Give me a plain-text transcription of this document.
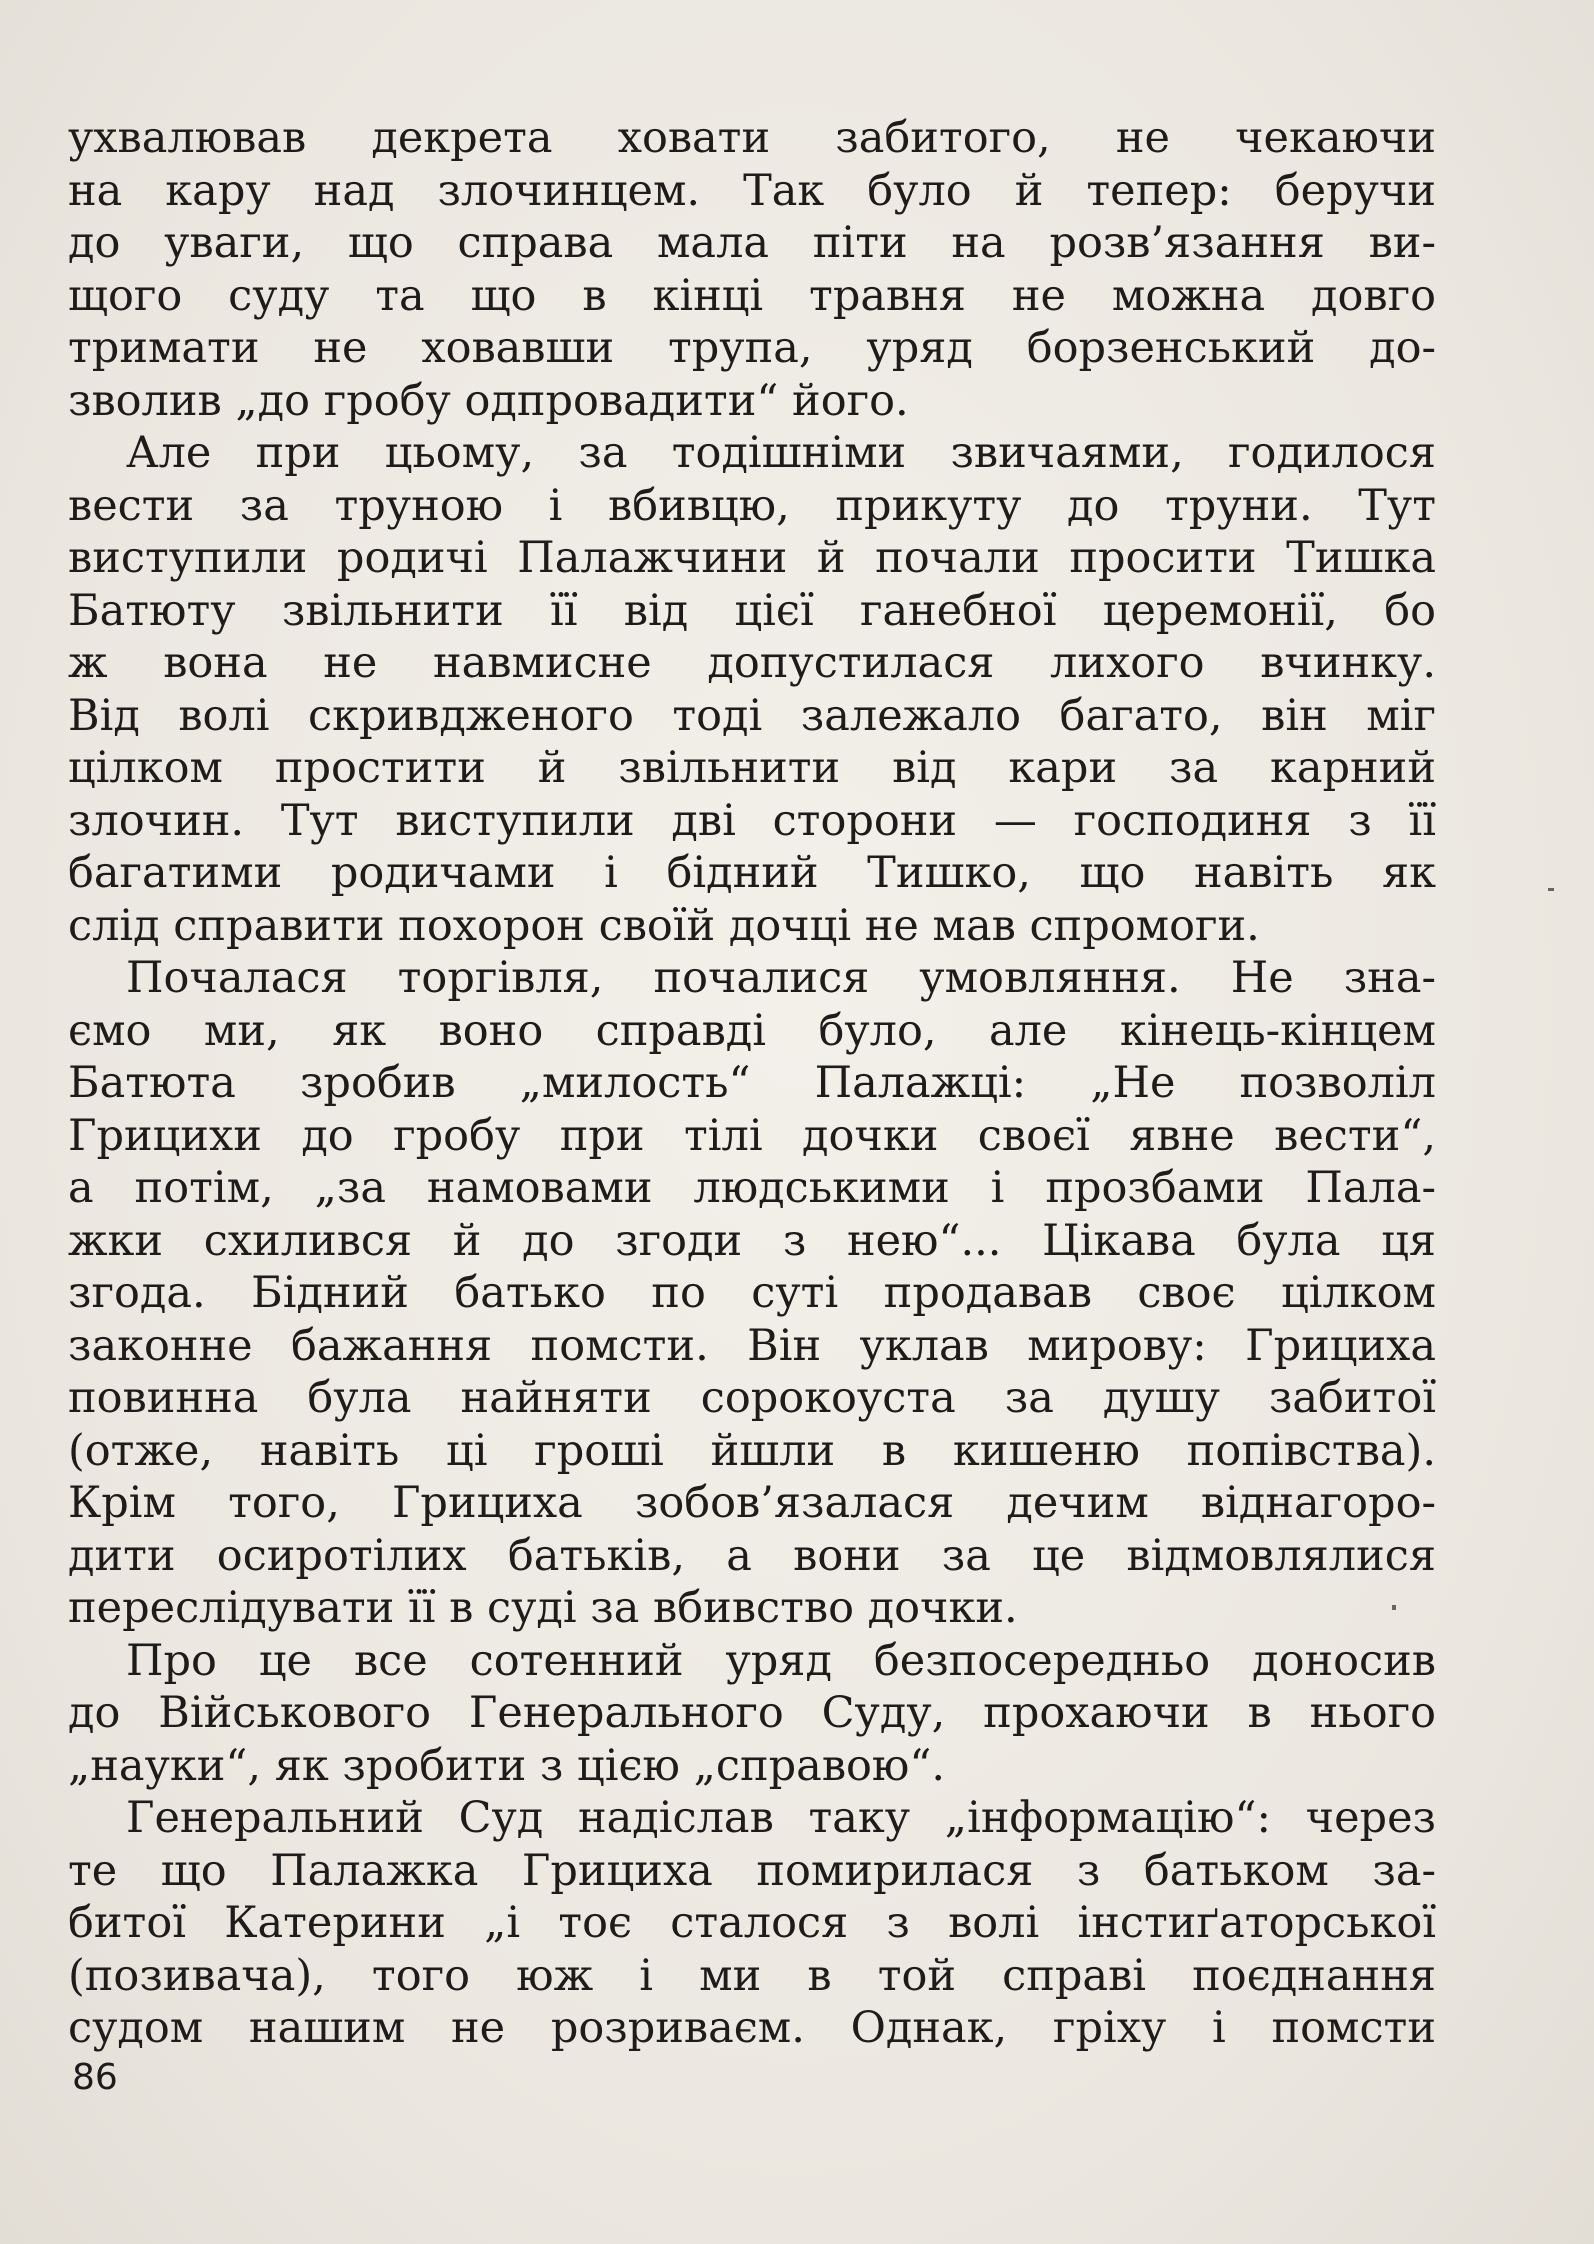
ухвалював декрета ховати забитого, не чекаючи
на кару над злочинцем. Так було й тепер: беручи
до уваги, що справа мала піти на розв’язання ви-
щого суду та що в кінці травня не можна довго
тримати не ховавши трупа, уряд борзенський до-
зволив „до гробу одпровадити“ його.
Але при цьому, за тодішніми звичаями, годилося
вести за труною і вбивцю, прикуту до труни. Тут
виступили родичі Палажчини й почали просити Тишка
Батюту звільнити її від цієї ганебної церемонії, бо
ж вона не навмисне допустилася лихого вчинку.
Від волі скривдженого тоді залежало багато, він міг
цілком простити й звільнити від кари за карний
злочин. Тут виступили дві сторони — господиня з її
багатими родичами і бідний Тишко, що навіть як
слід справити похорон своїй дочці не мав спромоги.
Почалася торгівля, почалися умовляння. Не зна-
ємо ми, як воно справді було, але кінець-кінцем
Батюта зробив „милость“ Палажці: „Не позволіл
Грицихи до гробу при тілі дочки своєї явне вести“,
а потім, „за намовами людськими і прозбами Пала-
жки схилився й до згоди з нею“... Цікава була ця
згода. Бідний батько по суті продавав своє цілком
законне бажання помсти. Він уклав мирову: Грициха
повинна була найняти сорокоуста за душу забитої
(отже, навіть ці гроші йшли в кишеню попівства).
Крім того, Грициха зобов’язалася дечим віднагоро-
дити осиротілих батьків, а вони за це відмовлялися
переслідувати її в суді за вбивство дочки.
Про це все сотенний уряд безпосередньо доносив
до Військового Генерального Суду, прохаючи в нього
„науки“, як зробити з цією „справою“.
Генеральний Суд надіслав таку „інформацію“: через
те що Палажка Грициха помирилася з батьком за-
битої Катерини „і тоє сталося з волі інстиґаторської
(позивача), того юж і ми в той справі поєднання
судом нашим не розриваєм. Однак, гріху і помсти
86
